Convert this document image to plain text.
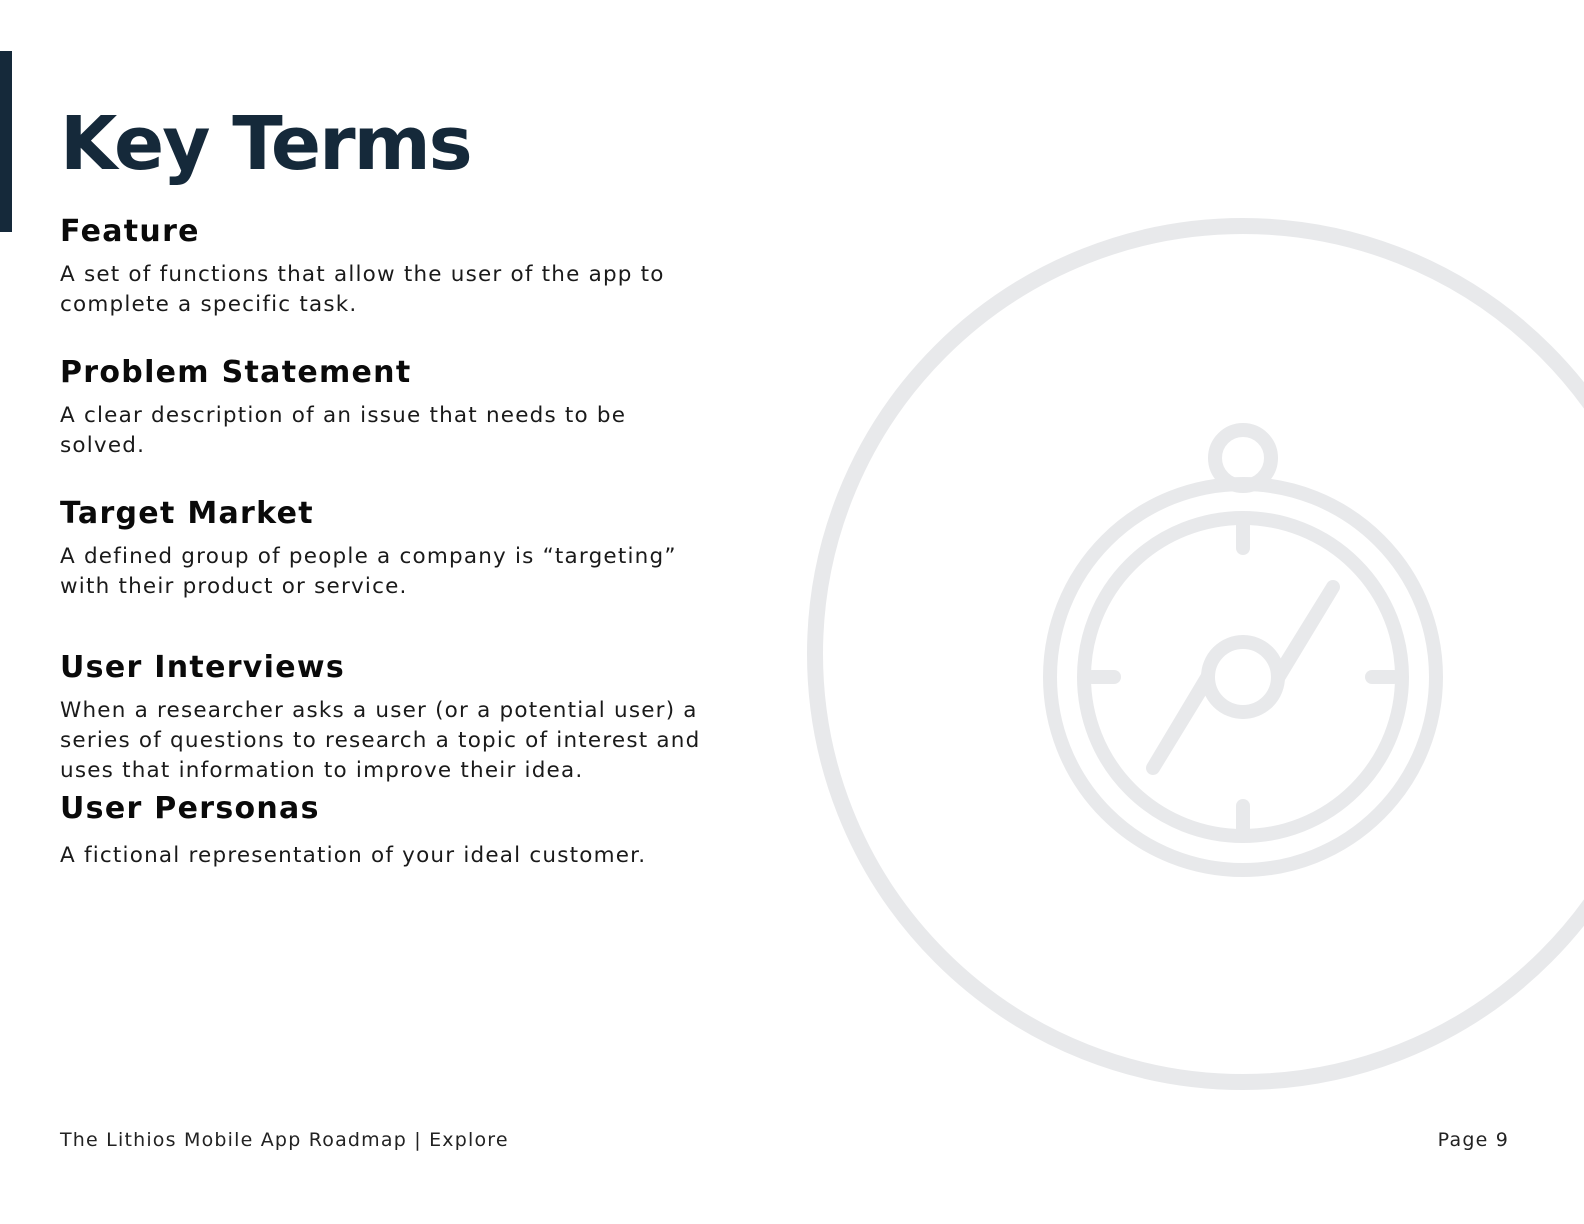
Key Terms
Feature

A set of functions that allow the user of the app to complete a specific task.

Problem Statement

A clear description of an issue that needs to be solved.

Target Market

A defined group of people a company is “targeting” with their product or service.

User Interviews

When a researcher asks a user (or a potential user) a series of questions to research a topic of interest and uses that information to improve their idea.

User Personas

A fictional representation of your ideal customer.

The Lithios Mobile App Roadmap | Explore	Page 9
